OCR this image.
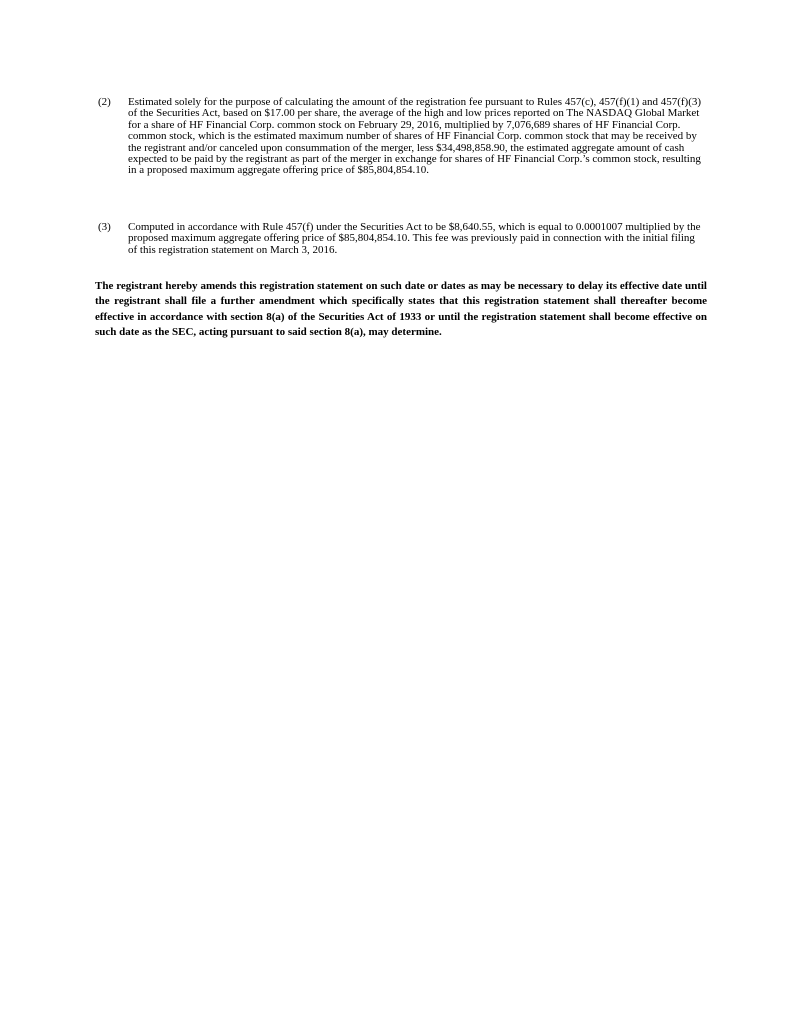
(2)	Estimated solely for the purpose of calculating the amount of the registration fee pursuant to Rules 457(c), 457(f)(1) and 457(f)(3) of the Securities Act, based on $17.00 per share, the average of the high and low prices reported on The NASDAQ Global Market for a share of HF Financial Corp. common stock on February 29, 2016, multiplied by 7,076,689 shares of HF Financial Corp. common stock, which is the estimated maximum number of shares of HF Financial Corp. common stock that may be received by the registrant and/or canceled upon consummation of the merger, less $34,498,858.90, the estimated aggregate amount of cash expected to be paid by the registrant as part of the merger in exchange for shares of HF Financial Corp.’s common stock, resulting in a proposed maximum aggregate offering price of $85,804,854.10.
(3)	Computed in accordance with Rule 457(f) under the Securities Act to be $8,640.55, which is equal to 0.0001007 multiplied by the proposed maximum aggregate offering price of $85,804,854.10. This fee was previously paid in connection with the initial filing of this registration statement on March 3, 2016.
The registrant hereby amends this registration statement on such date or dates as may be necessary to delay its effective date until the registrant shall file a further amendment which specifically states that this registration statement shall thereafter become effective in accordance with section 8(a) of the Securities Act of 1933 or until the registration statement shall become effective on such date as the SEC, acting pursuant to said section 8(a), may determine.
